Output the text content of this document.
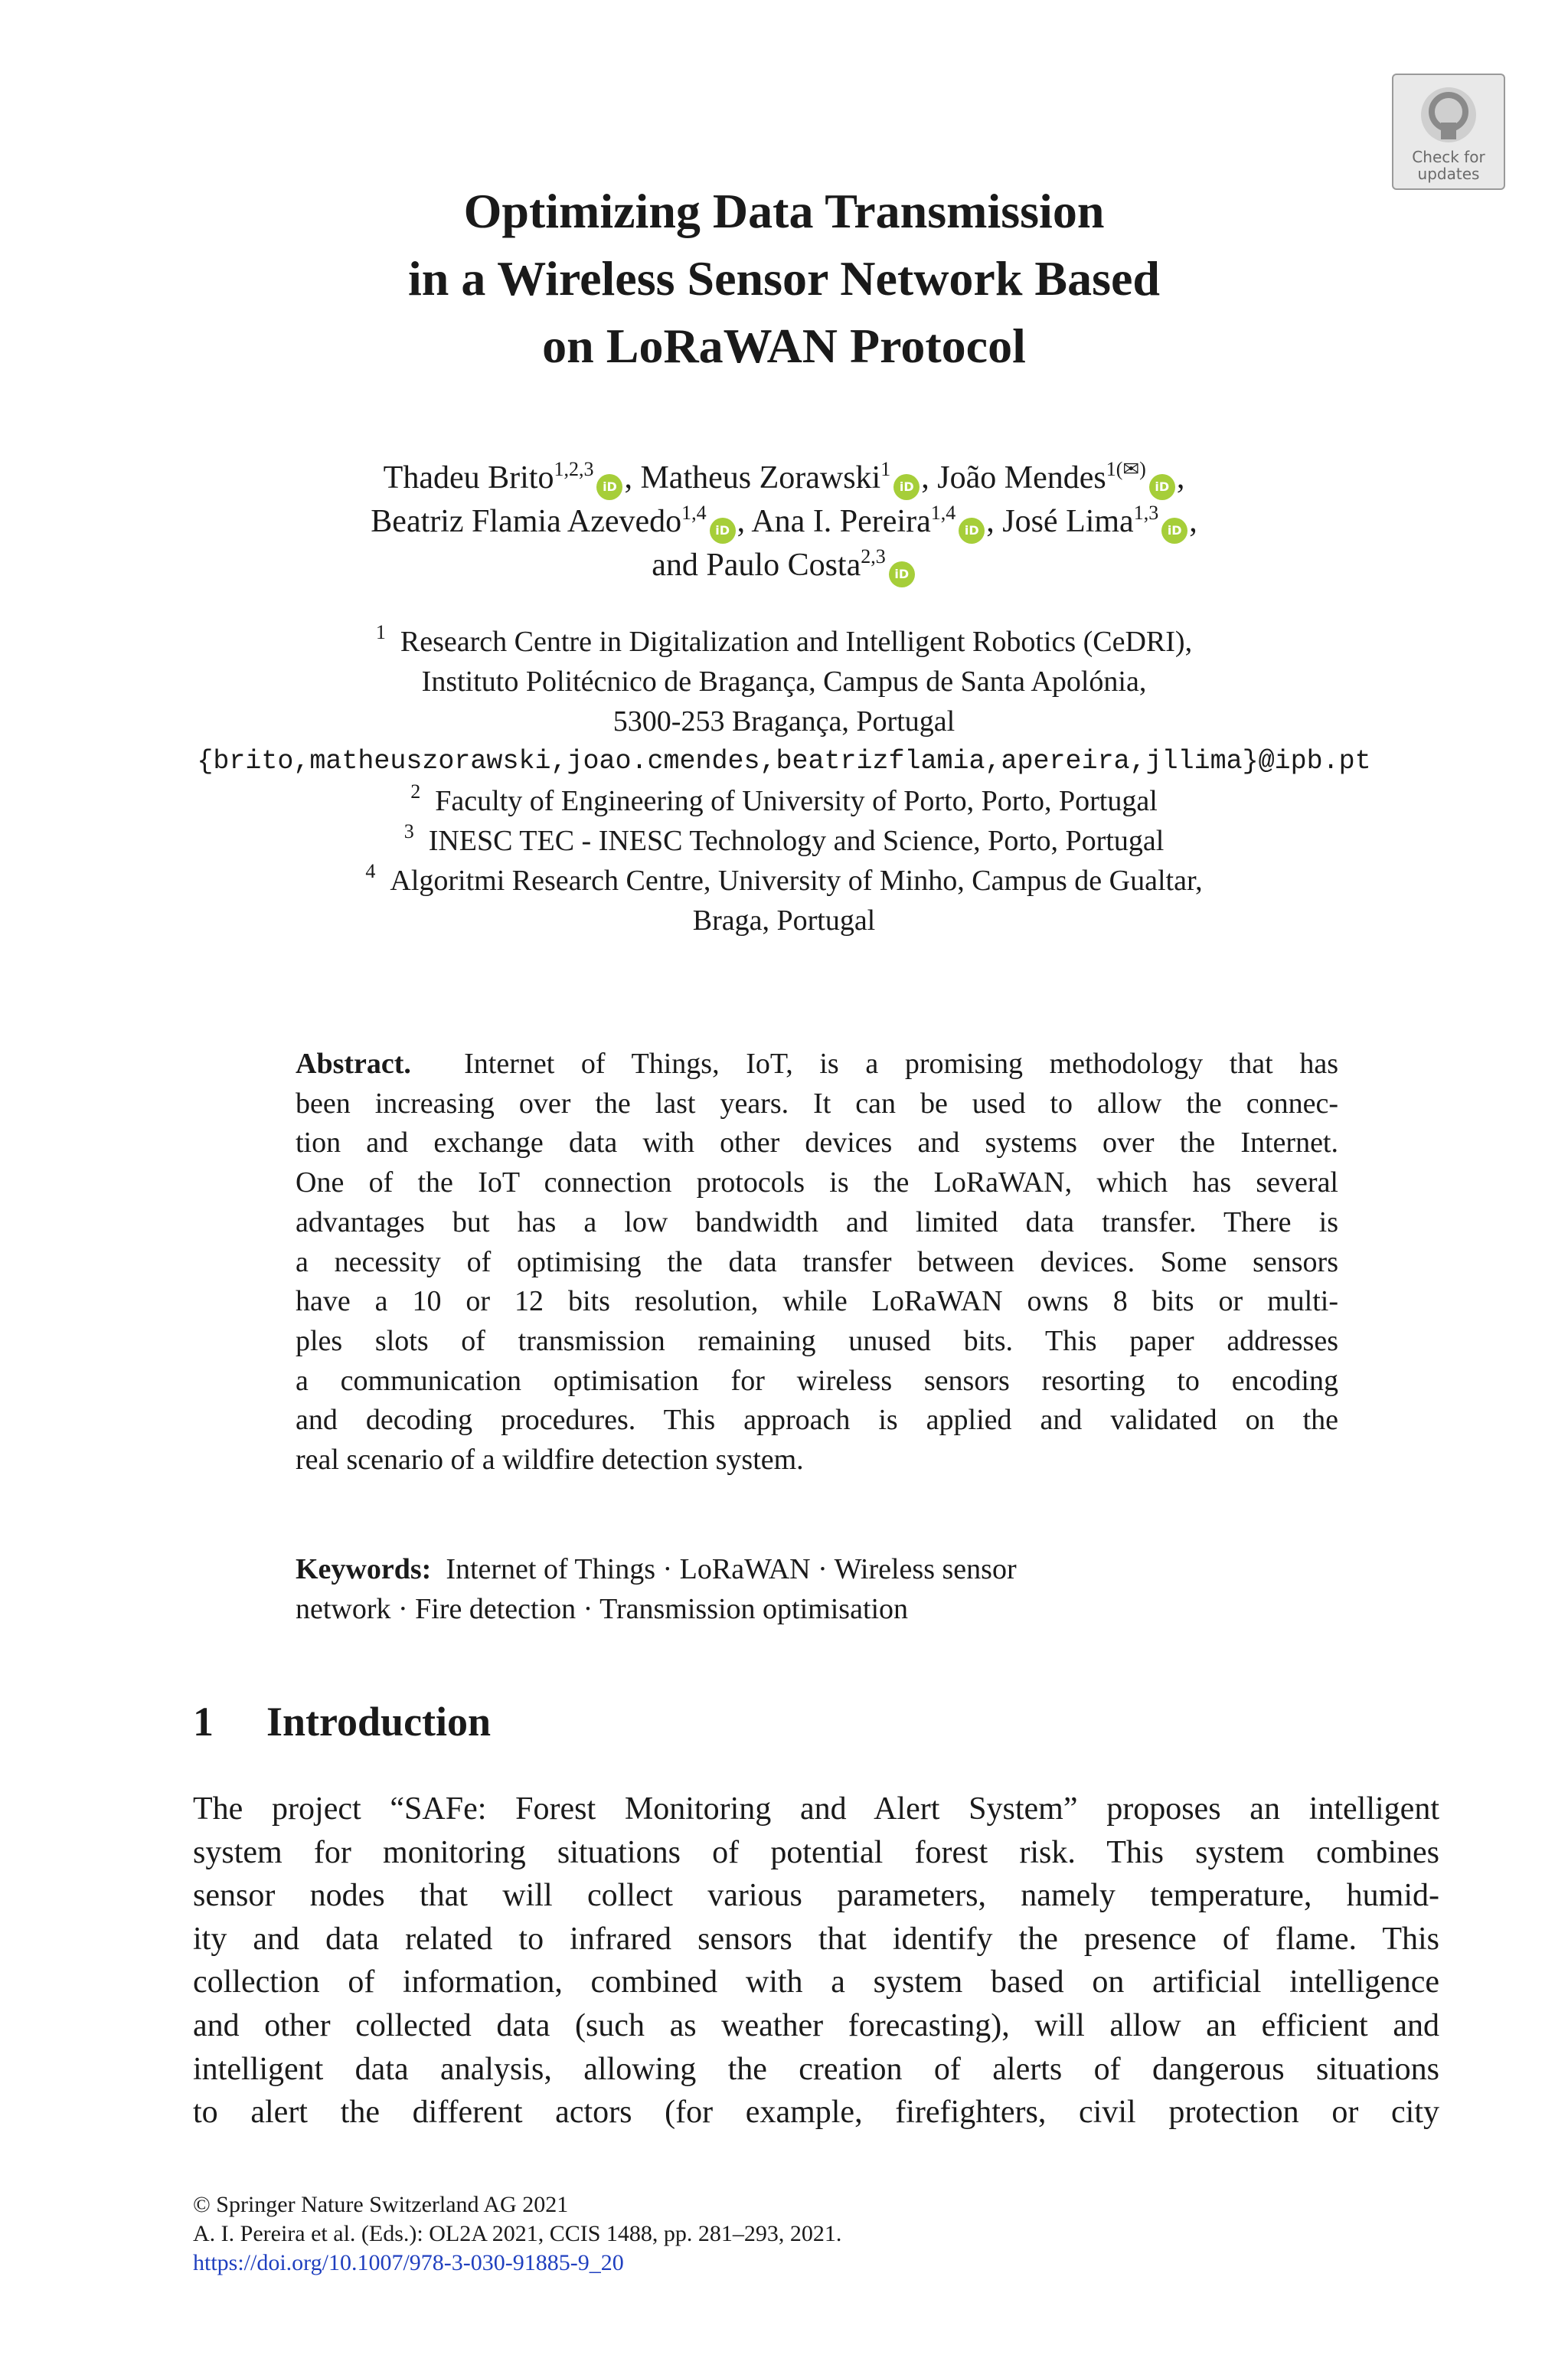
Check for
updates
Optimizing Data Transmission
in a Wireless Sensor Network Based
on LoRaWAN Protocol
Thadeu Brito$^{1,2,3}$iD , Matheus Zorawski$^1$iD , João Mendes$^{1(✉)}$iD ,
Beatriz Flamia Azevedo$^{1,4}$iD , Ana I. Pereira$^{1,4}$iD , José Lima$^{1,3}$iD ,
and Paulo Costa$^{2,3}$iD
$^1$ Research Centre in Digitalization and Intelligent Robotics (CeDRI),
Instituto Politécnico de Bragança, Campus de Santa Apolónia,
5300-253 Bragança, Portugal
{brito,matheuszorawski,joao.cmendes,beatrizflamia,apereira,jllima}@ipb.pt
$^2$ Faculty of Engineering of University of Porto, Porto, Portugal
$^3$ INESC TEC - INESC Technology and Science, Porto, Portugal
$^4$ Algoritmi Research Centre, University of Minho, Campus de Gualtar,
Braga, Portugal
Abstract. Internet of Things, IoT, is a promising methodology that has
been increasing over the last years. It can be used to allow the connec-
tion and exchange data with other devices and systems over the Internet.
One of the IoT connection protocols is the LoRaWAN, which has several
advantages but has a low bandwidth and limited data transfer. There is
a necessity of optimising the data transfer between devices. Some sensors
have a 10 or 12 bits resolution, while LoRaWAN owns 8 bits or multi-
ples slots of transmission remaining unused bits. This paper addresses
a communication optimisation for wireless sensors resorting to encoding
and decoding procedures. This approach is applied and validated on the
real scenario of a wildfire detection system.
Keywords: Internet of Things · LoRaWAN · Wireless sensor
network · Fire detection · Transmission optimisation
1 Introduction
The project “SAFe: Forest Monitoring and Alert System” proposes an intelligent
system for monitoring situations of potential forest risk. This system combines
sensor nodes that will collect various parameters, namely temperature, humid-
ity and data related to infrared sensors that identify the presence of flame. This
collection of information, combined with a system based on artificial intelligence
and other collected data (such as weather forecasting), will allow an efficient and
intelligent data analysis, allowing the creation of alerts of dangerous situations
to alert the different actors (for example, firefighters, civil protection or city
© Springer Nature Switzerland AG 2021
A. I. Pereira et al. (Eds.): OL2A 2021, CCIS 1488, pp. 281–293, 2021.
https://doi.org/10.1007/978-3-030-91885-9_20
